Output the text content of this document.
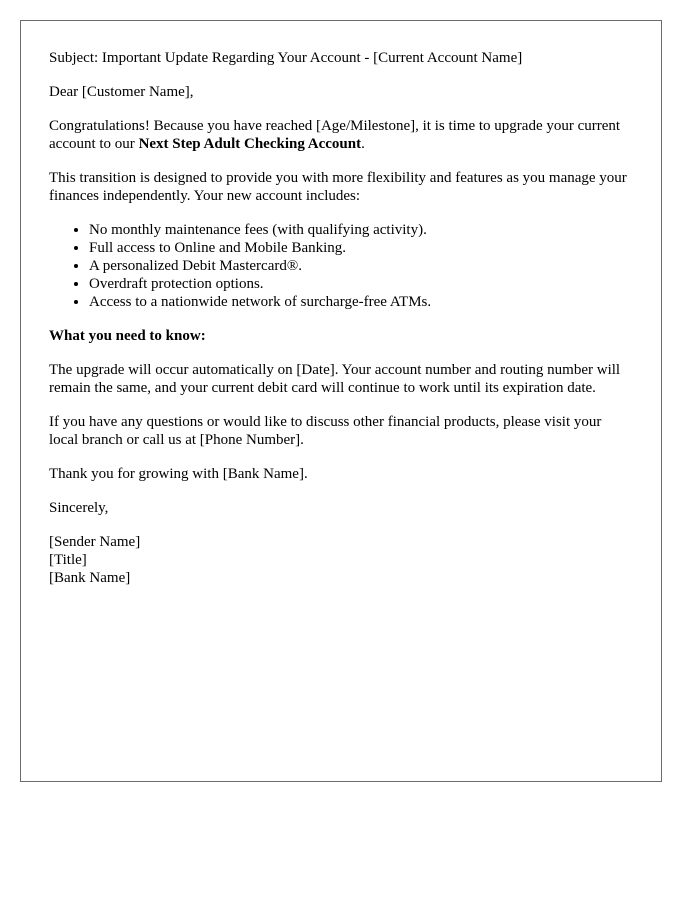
Subject: Important Update Regarding Your Account - [Current Account Name]

Dear [Customer Name],

Congratulations! Because you have reached [Age/Milestone], it is time to upgrade your current account to our Next Step Adult Checking Account.

This transition is designed to provide you with more flexibility and features as you manage your finances independently. Your new account includes:

• No monthly maintenance fees (with qualifying activity).
• Full access to Online and Mobile Banking.
• A personalized Debit Mastercard®.
• Overdraft protection options.
• Access to a nationwide network of surcharge-free ATMs.

What you need to know:

The upgrade will occur automatically on [Date]. Your account number and routing number will remain the same, and your current debit card will continue to work until its expiration date.

If you have any questions or would like to discuss other financial products, please visit your local branch or call us at [Phone Number].

Thank you for growing with [Bank Name].

Sincerely,

[Sender Name]
[Title]
[Bank Name]
